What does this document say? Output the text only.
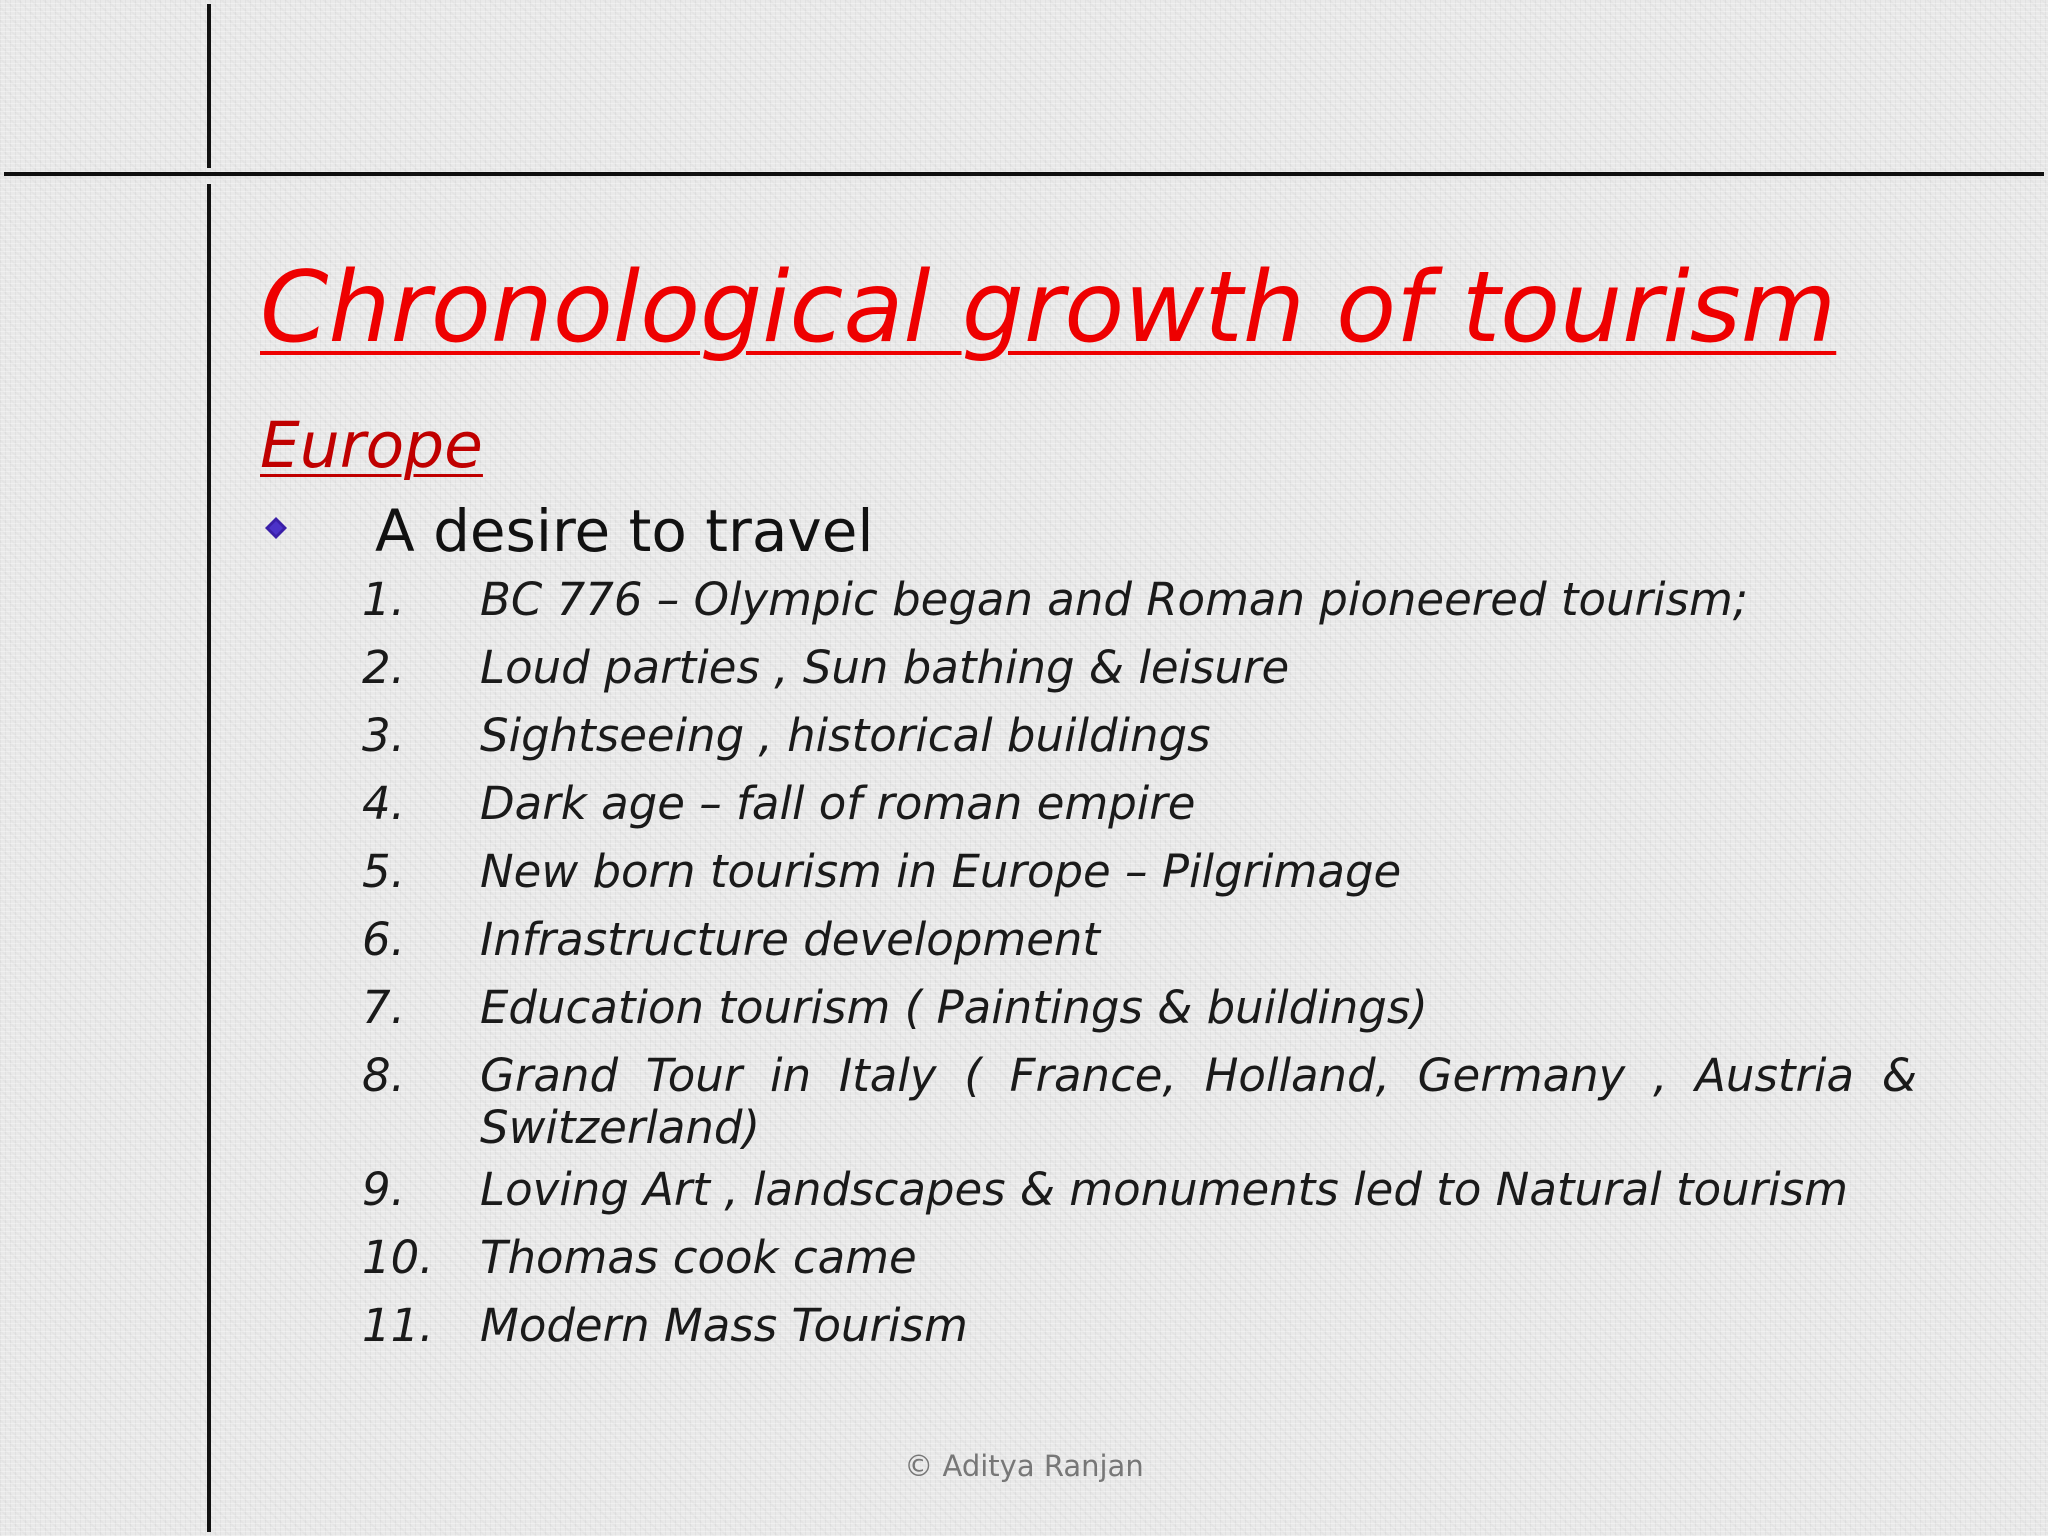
Chronological growth of tourism
Europe
A desire to travel
1.	BC 776 – Olympic began and Roman pioneered tourism;
2.	Loud parties , Sun bathing & leisure
3.	Sightseeing , historical buildings
4.	Dark age – fall of roman empire
5.	New born tourism in Europe – Pilgrimage
6.	Infrastructure development
7.	Education tourism ( Paintings & buildings)
8.	Grand Tour in Italy ( France, Holland, Germany , Austria & Switzerland)
9.	Loving Art , landscapes & monuments led to Natural tourism
10.	Thomas cook came
11.	Modern Mass Tourism
© Aditya Ranjan
